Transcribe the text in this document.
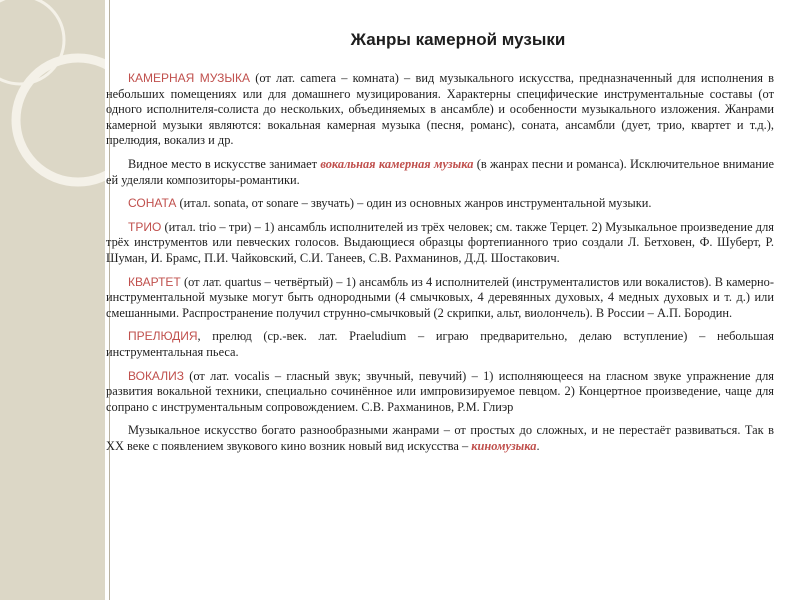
Жанры камерной музыки

КАМЕРНАЯ МУЗЫКА (от лат. camera – комната) – вид музыкального искусства, предназначенный для исполнения в небольших помещениях или для домашнего музицирования. Характерны специфические инструментальные составы (от одного исполнителя-солиста до нескольких, объединяемых в ансамбле) и особенности музыкального изложения. Жанрами камерной музыки являются: вокальная камерная музыка (песня, романс), соната, ансамбли (дует, трио, квартет и т.д.), прелюдия, вокализ и др.

Видное место в искусстве занимает вокальная камерная музыка (в жанрах песни и романса). Исключительное внимание ей уделяли композиторы-романтики.

СОНАТА (итал. sonata, от sonare – звучать) – один из основных жанров инструментальной музыки.

ТРИО (итал. trio – три) – 1) ансамбль исполнителей из трёх человек; см. также Терцет. 2) Музыкальное произведение для трёх инструментов или певческих голосов. Выдающиеся образцы фортепианного трио создали Л. Бетховен, Ф. Шуберт, Р. Шуман, И. Брамс, П.И. Чайковский, С.И. Танеев, С.В. Рахманинов, Д.Д. Шостакович.

КВАРТЕТ (от лат. quartus – четвёртый) – 1) ансамбль из 4 исполнителей (инструменталистов или вокалистов). В камерно-инструментальной музыке могут быть однородными (4 смычковых, 4 деревянных духовых, 4 медных духовых и т. д.) или смешанными. Распространение получил струнно-смычковый (2 скрипки, альт, виолончель). В России – А.П. Бородин.

ПРЕЛЮДИЯ, прелюд (ср.-век. лат. Praeludium – играю предварительно, делаю вступление) – небольшая инструментальная пьеса.

ВОКАЛИЗ (от лат. vocalis – гласный звук; звучный, певучий) – 1) исполняющееся на гласном звуке упражнение для развития вокальной техники, специально сочинённое или импровизируемое певцом. 2) Концертное произведение, чаще для сопрано с инструментальным сопровождением. С.В. Рахманинов, Р.М. Глиэр

Музыкальное искусство богато разнообразными жанрами – от простых до сложных, и не перестаёт развиваться. Так в XX веке с появлением звукового кино возник новый вид искусства – киномузыка.
